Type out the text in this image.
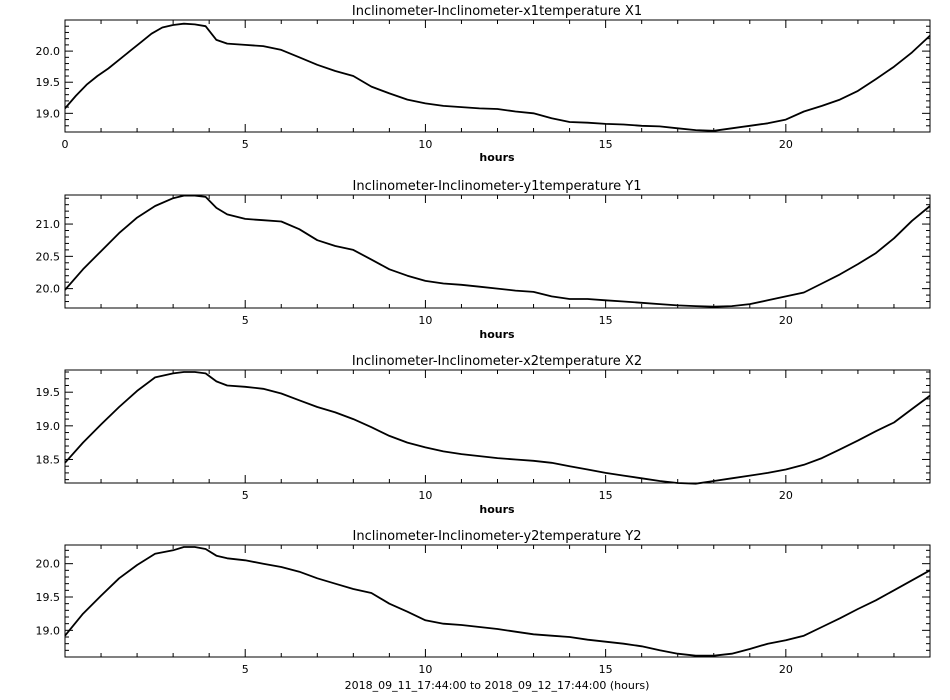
Inclinometer-Inclinometer-x1temperature X1
hours
0	5	10	15	20
19.0
19.5
20.0
Inclinometer-Inclinometer-y1temperature Y1
hours
5	10	15	20
20.0
20.5
21.0
Inclinometer-Inclinometer-x2temperature X2
hours
5	10	15	20
18.5
19.0
19.5
Inclinometer-Inclinometer-y2temperature Y2
2018_09_11_17:44:00 to 2018_09_12_17:44:00 (hours)
5	10	15	20
19.0
19.5
20.0
